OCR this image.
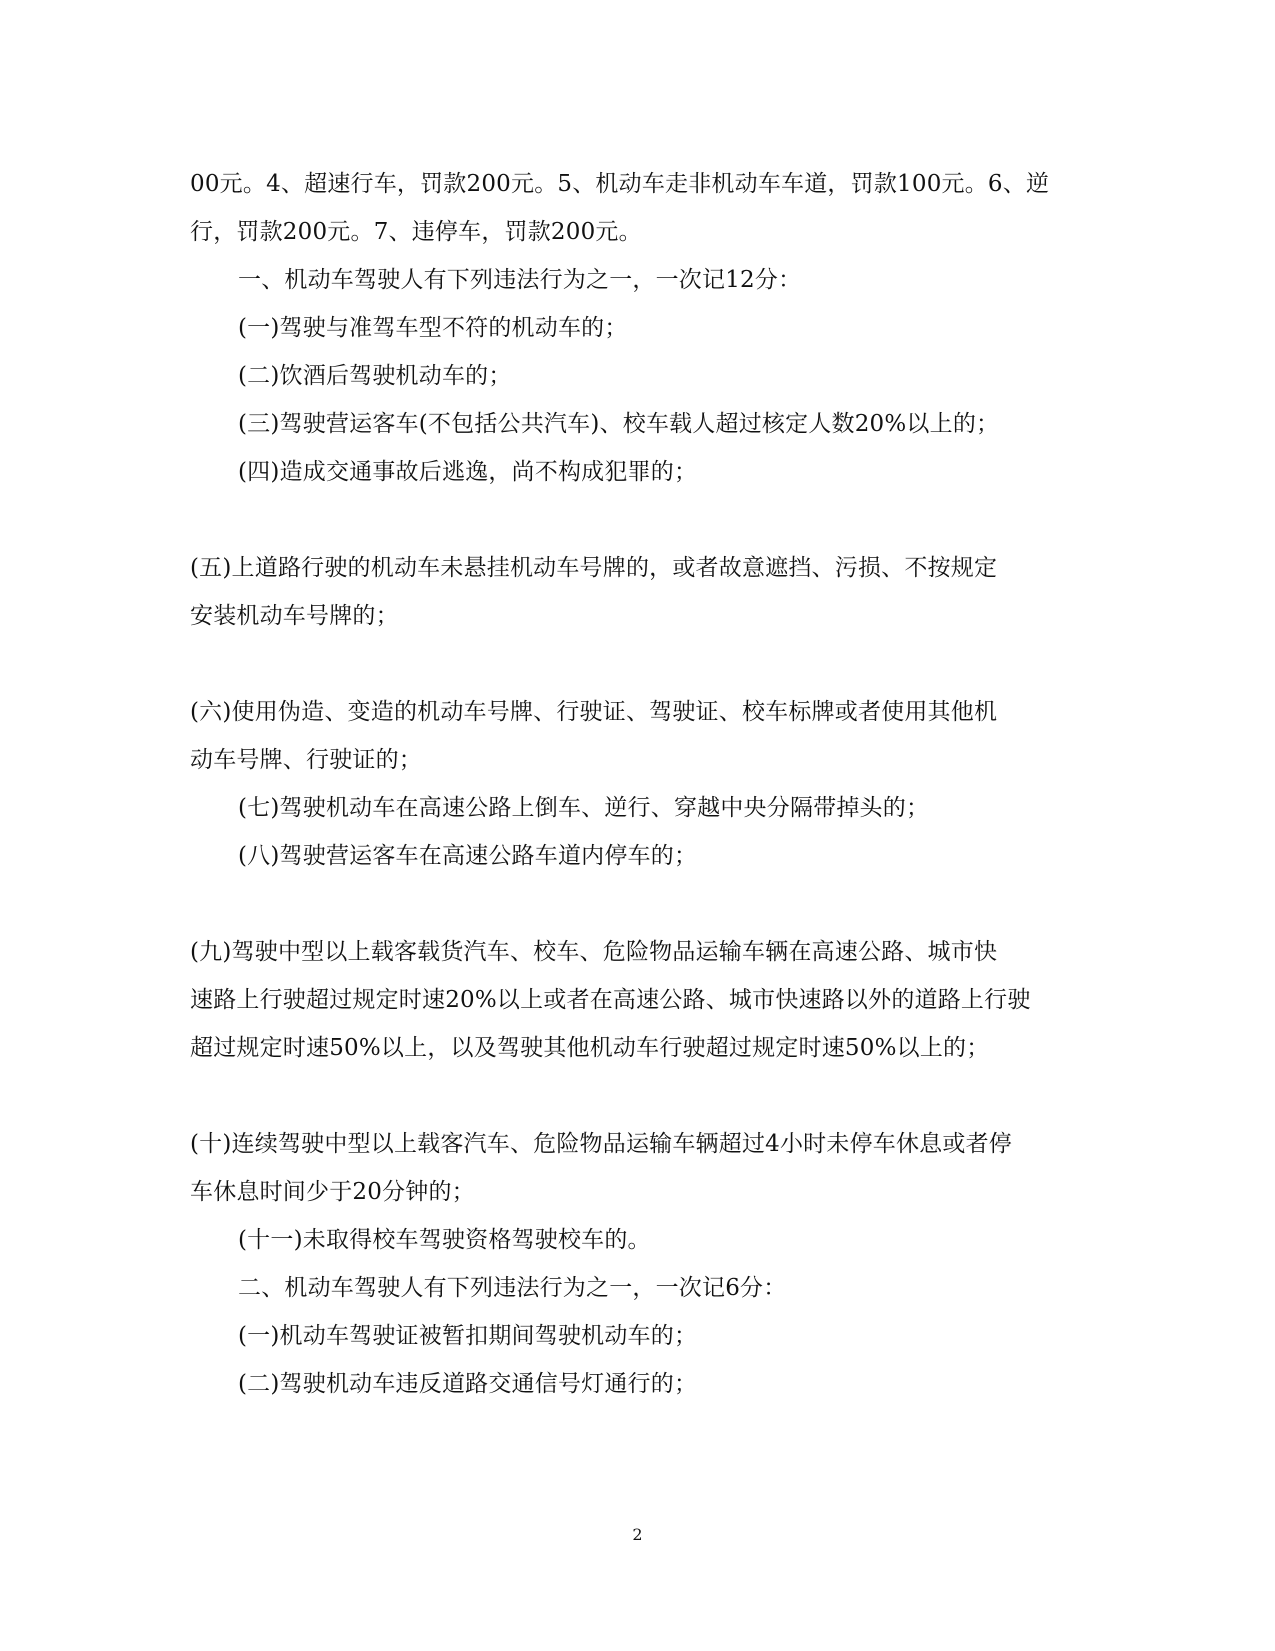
00元。4、超速行车，罚款200元。5、机动车走非机动车车道，罚款100元。6、逆
行，罚款200元。7、违停车，罚款200元。
一、机动车驾驶人有下列违法行为之一，一次记12分：
(一)驾驶与准驾车型不符的机动车的；
(二)饮酒后驾驶机动车的；
(三)驾驶营运客车(不包括公共汽车)、校车载人超过核定人数20%以上的；
(四)造成交通事故后逃逸，尚不构成犯罪的；
(五)上道路行驶的机动车未悬挂机动车号牌的，或者故意遮挡、污损、不按规定
安装机动车号牌的；
(六)使用伪造、变造的机动车号牌、行驶证、驾驶证、校车标牌或者使用其他机
动车号牌、行驶证的；
(七)驾驶机动车在高速公路上倒车、逆行、穿越中央分隔带掉头的；
(八)驾驶营运客车在高速公路车道内停车的；
(九)驾驶中型以上载客载货汽车、校车、危险物品运输车辆在高速公路、城市快
速路上行驶超过规定时速20%以上或者在高速公路、城市快速路以外的道路上行驶
超过规定时速50%以上，以及驾驶其他机动车行驶超过规定时速50%以上的；
(十)连续驾驶中型以上载客汽车、危险物品运输车辆超过4小时未停车休息或者停
车休息时间少于20分钟的；
(十一)未取得校车驾驶资格驾驶校车的。
二、机动车驾驶人有下列违法行为之一，一次记6分：
(一)机动车驾驶证被暂扣期间驾驶机动车的；
(二)驾驶机动车违反道路交通信号灯通行的；
2
